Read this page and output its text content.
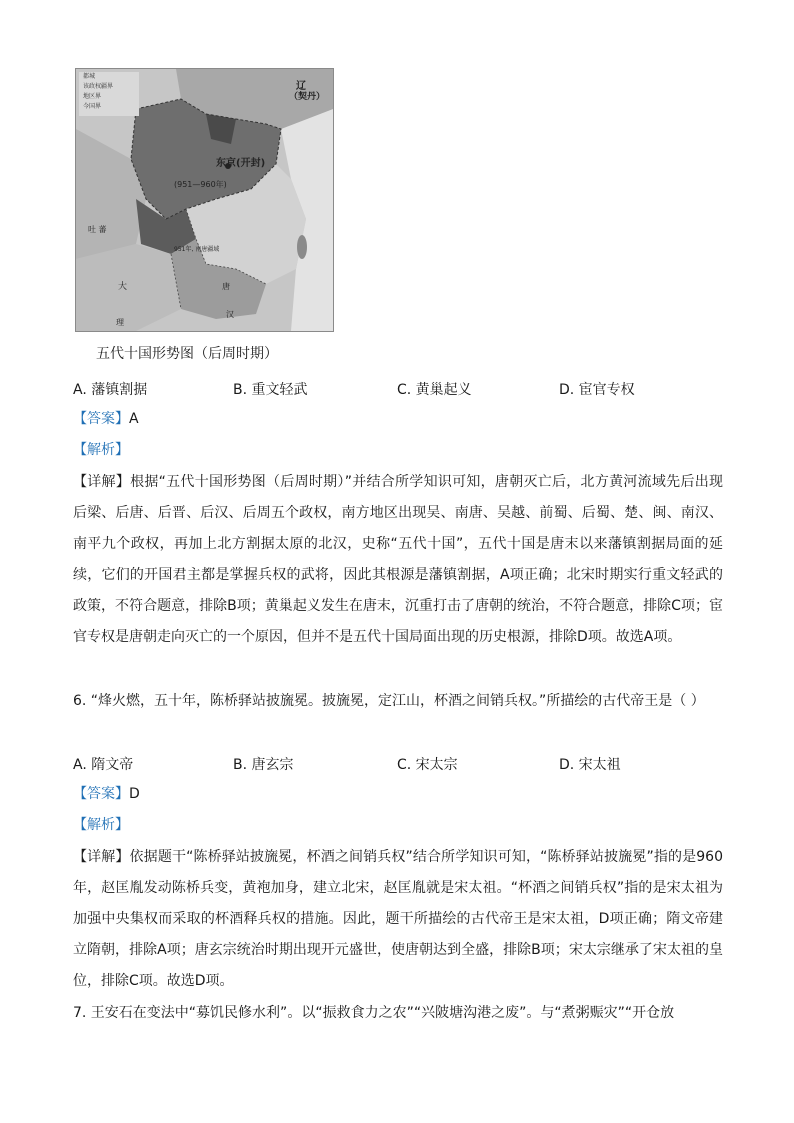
都城
该政权疆界
地区界
今国界
辽
（契丹）
东京(开封)
(951—960年)
吐 蕃
大
理
唐
汉
951年, 南唐疆域
五代十国形势图（后周时期）
A. 藩镇割据	B. 重文轻武	C. 黄巢起义	D. 宦官专权

【答案】A

【解析】

【详解】根据“五代十国形势图（后周时期）”并结合所学知识可知，唐朝灭亡后，北方黄河流域先后出现后梁、后唐、后晋、后汉、后周五个政权，南方地区出现吴、南唐、吴越、前蜀、后蜀、楚、闽、南汉、南平九个政权，再加上北方割据太原的北汉，史称“五代十国”，五代十国是唐末以来藩镇割据局面的延续，它们的开国君主都是掌握兵权的武将，因此其根源是藩镇割据，A项正确；北宋时期实行重文轻武的政策，不符合题意，排除B项；黄巢起义发生在唐末，沉重打击了唐朝的统治，不符合题意，排除C项；宦官专权是唐朝走向灭亡的一个原因，但并不是五代十国局面出现的历史根源，排除D项。故选A项。

6. “烽火燃，五十年，陈桥驿站披旒冕。披旒冕，定江山，杯酒之间销兵权。”所描绘的古代帝王是（ ）

A. 隋文帝	B. 唐玄宗	C. 宋太宗	D. 宋太祖

【答案】D

【解析】

【详解】依据题干“陈桥驿站披旒冕，杯酒之间销兵权”结合所学知识可知，“陈桥驿站披旒冕”指的是960年，赵匡胤发动陈桥兵变，黄袍加身，建立北宋，赵匡胤就是宋太祖。“杯酒之间销兵权”指的是宋太祖为加强中央集权而采取的杯酒释兵权的措施。因此，题干所描绘的古代帝王是宋太祖，D项正确；隋文帝建立隋朝，排除A项；唐玄宗统治时期出现开元盛世，使唐朝达到全盛，排除B项；宋太宗继承了宋太祖的皇位，排除C项。故选D项。

7. 王安石在变法中“募饥民修水利”。以“振救食力之农”“兴陂塘沟港之废”。与“煮粥赈灾”“开仓放
